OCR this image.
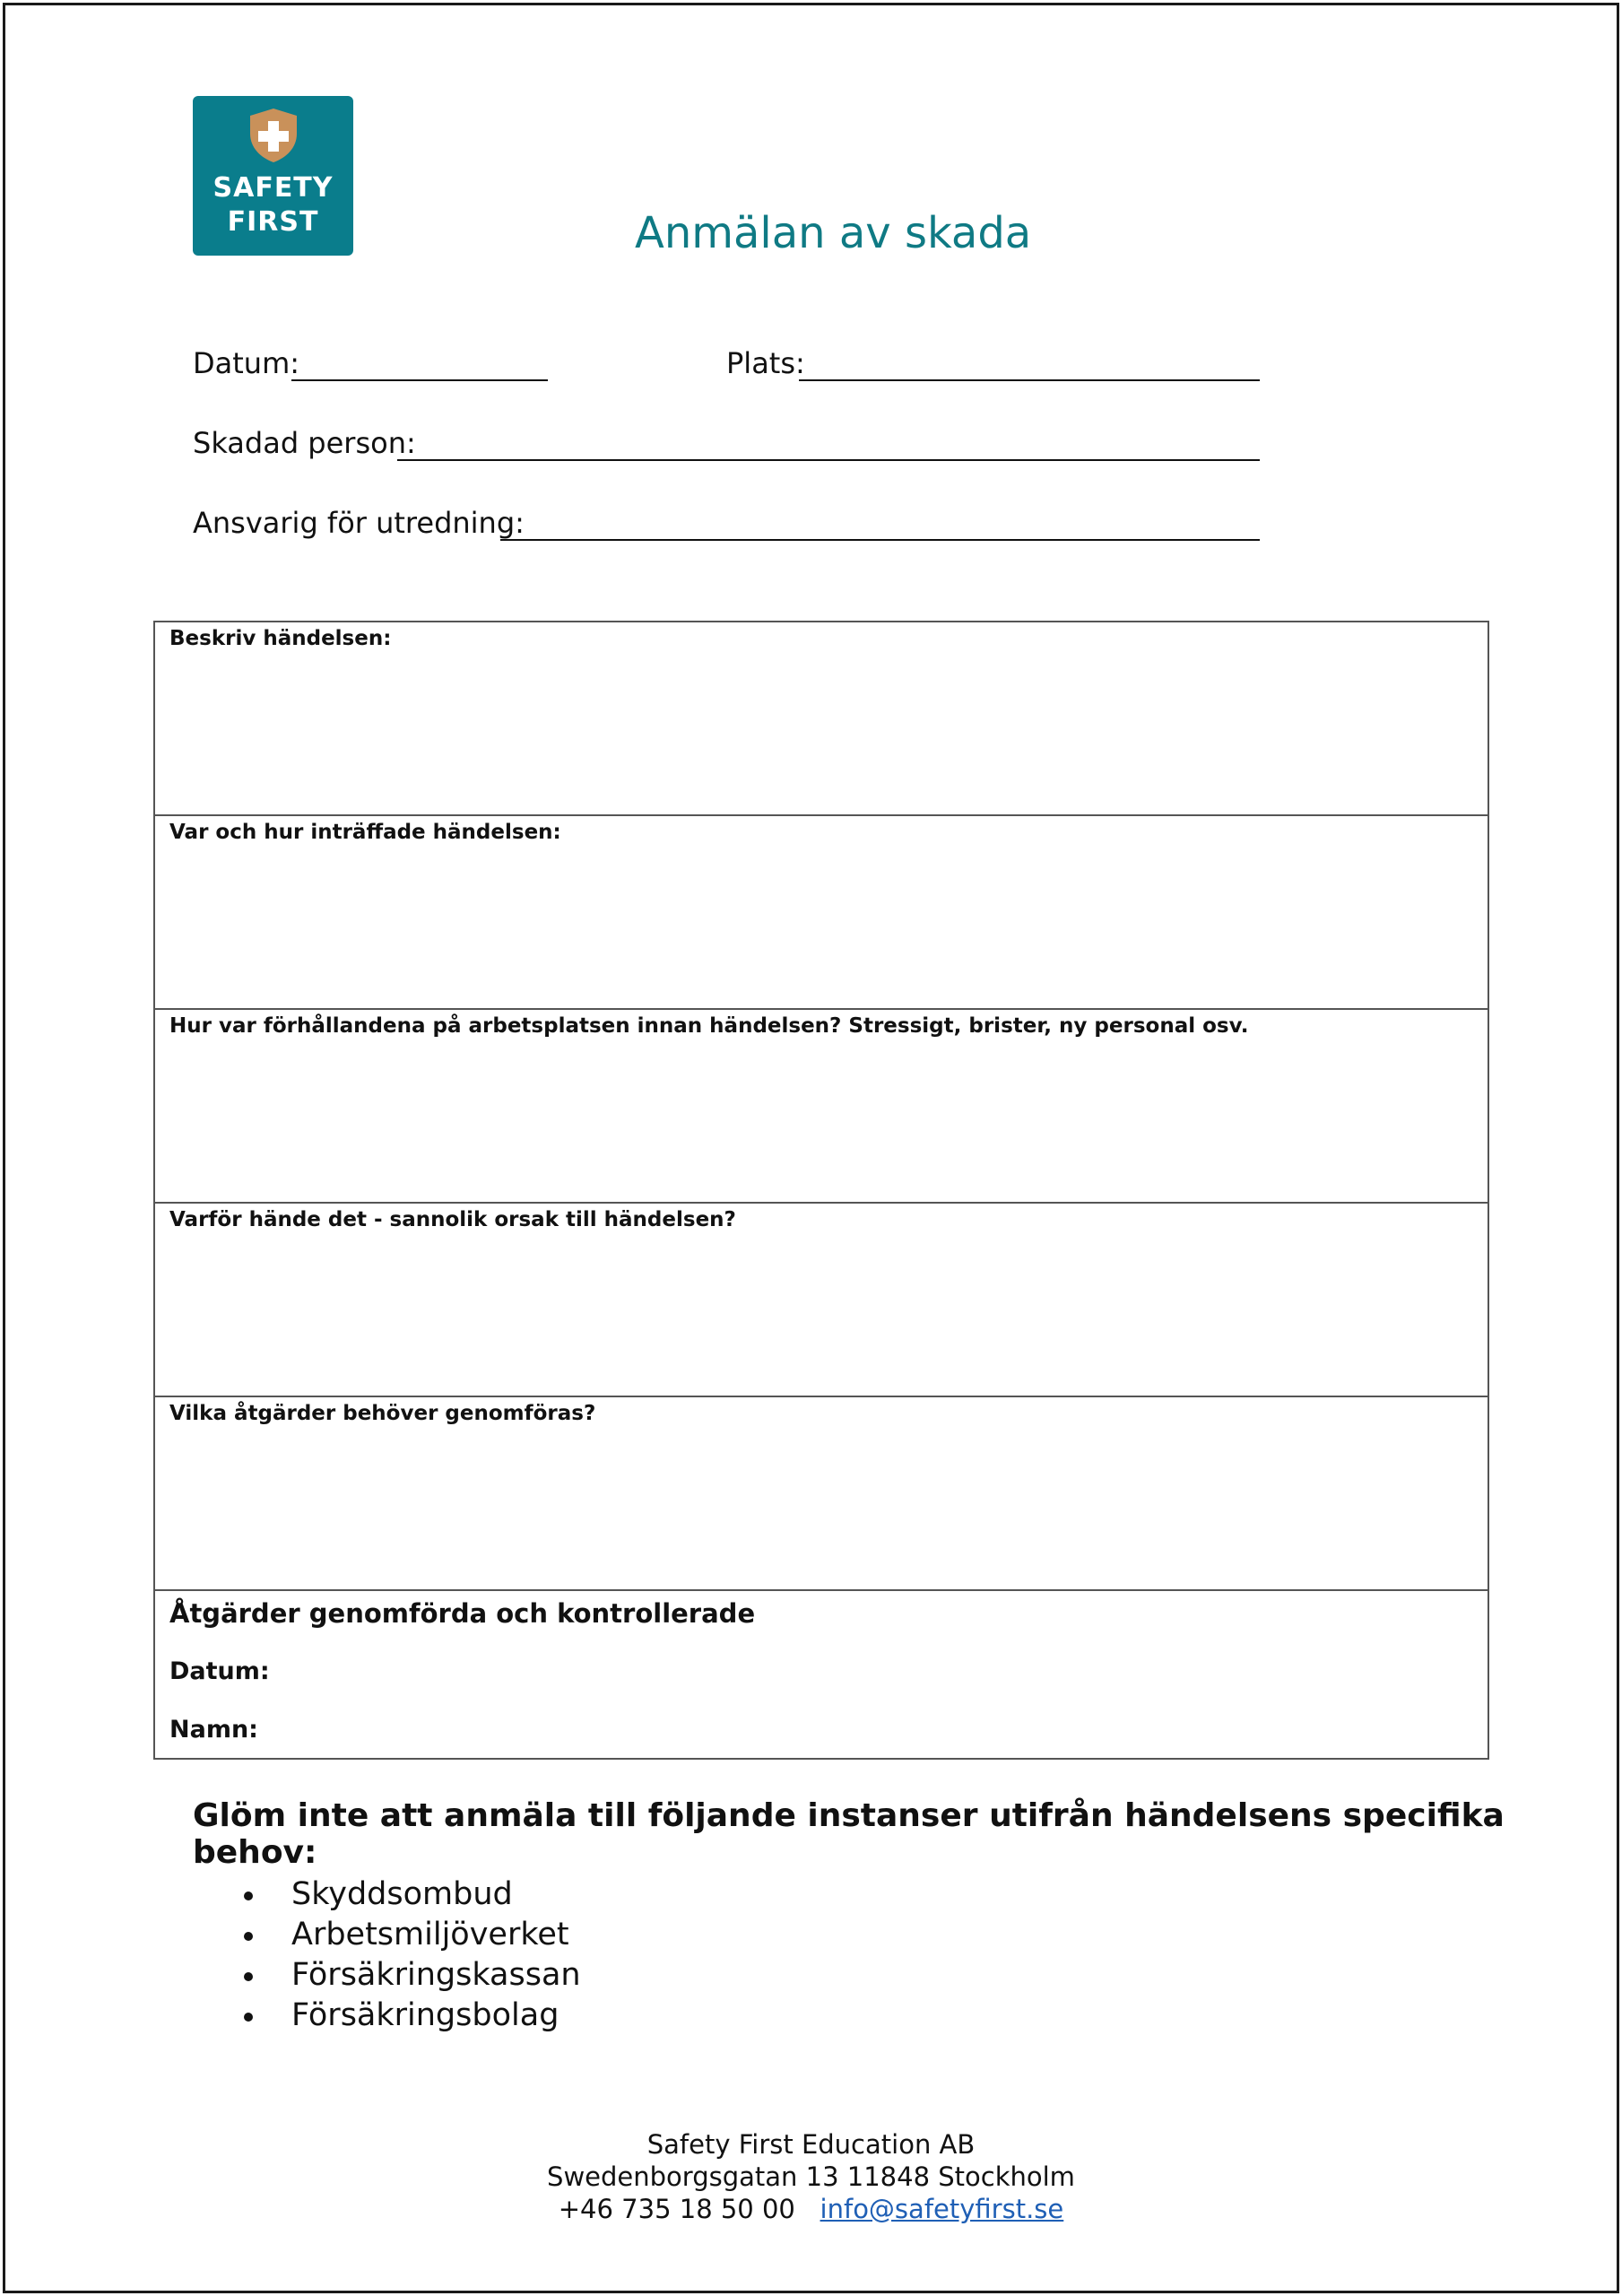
SAFETY
FIRST	Anmälan av skada
Datum:	Plats:
Skadad person:
Ansvarig för utredning:
Beskriv händelsen:
Var och hur inträffade händelsen:
Hur var förhållandena på arbetsplatsen innan händelsen? Stressigt, brister, ny personal osv.
Varför hände det - sannolik orsak till händelsen?
Vilka åtgärder behöver genomföras?
Åtgärder genomförda och kontrollerade
Datum:
Namn:
Glöm inte att anmäla till följande instanser utifrån händelsens specifika behov:
Skyddsombud
Arbetsmiljöverket
Försäkringskassan
Försäkringsbolag
Safety First Education AB
Swedenborgsgatan 13 11848 Stockholm
+46 735 18 50 00 info@safetyfirst.se
